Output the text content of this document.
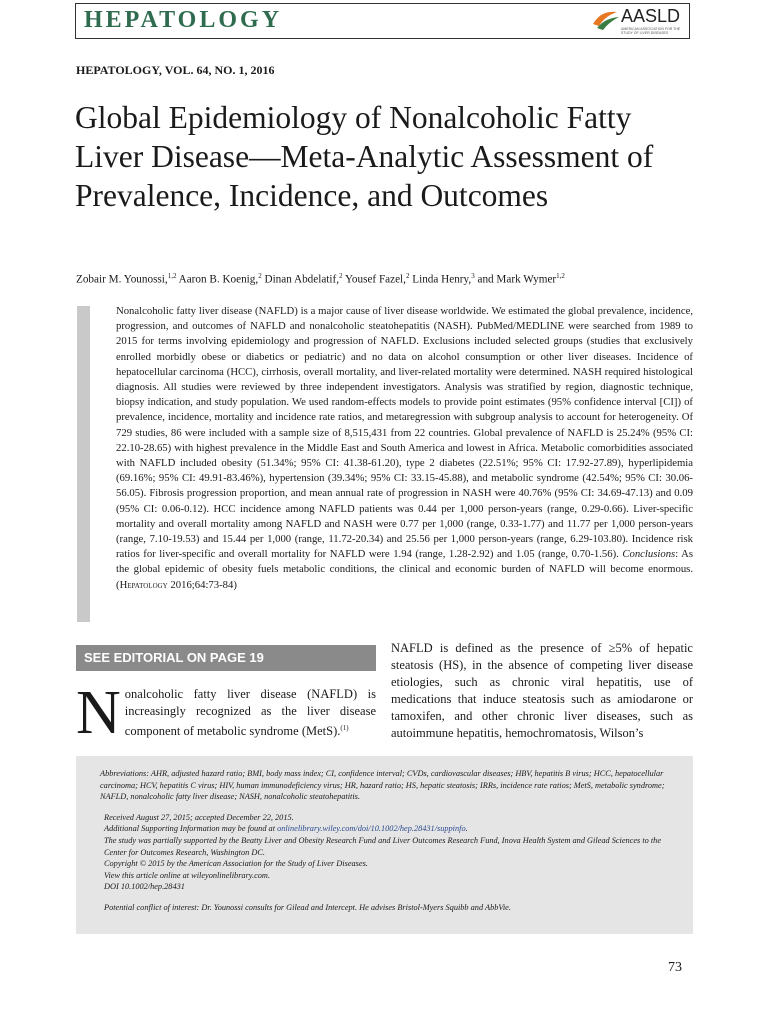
HEPATOLOGY	AASLD
AMERICAN ASSOCIATION FOR THE STUDY OF LIVER DISEASES
HEPATOLOGY, VOL. 64, NO. 1, 2016
Global Epidemiology of Nonalcoholic Fatty Liver Disease—Meta-Analytic Assessment of Prevalence, Incidence, and Outcomes
Zobair M. Younossi,$^{1,2}$ Aaron B. Koenig,$^2$ Dinan Abdelatif,$^2$ Yousef Fazel,$^2$ Linda Henry,$^3$ and Mark Wymer$^{1,2}$

Nonalcoholic fatty liver disease (NAFLD) is a major cause of liver disease worldwide. We estimated the global prevalence, incidence, progression, and outcomes of NAFLD and nonalcoholic steatohepatitis (NASH). PubMed/MEDLINE were searched from 1989 to 2015 for terms involving epidemiology and progression of NAFLD. Exclusions included selected groups (studies that exclusively enrolled morbidly obese or diabetics or pediatric) and no data on alcohol consumption or other liver diseases. Incidence of hepatocellular carcinoma (HCC), cirrhosis, overall mortality, and liver-related mortality were determined. NASH required histological diagnosis. All studies were reviewed by three independent investigators. Analysis was stratified by region, diagnostic technique, biopsy indication, and study population. We used random-effects models to provide point estimates (95% confidence interval [CI]) of prevalence, incidence, mortality and incidence rate ratios, and metaregression with subgroup analysis to account for heterogeneity. Of 729 studies, 86 were included with a sample size of 8,515,431 from 22 countries. Global prevalence of NAFLD is 25.24% (95% CI: 22.10-28.65) with highest prevalence in the Middle East and South America and lowest in Africa. Metabolic comorbidities associated with NAFLD included obesity (51.34%; 95% CI: 41.38-61.20), type 2 diabetes (22.51%; 95% CI: 17.92-27.89), hyperlipidemia (69.16%; 95% CI: 49.91-83.46%), hypertension (39.34%; 95% CI: 33.15-45.88), and metabolic syndrome (42.54%; 95% CI: 30.06-56.05). Fibrosis progression proportion, and mean annual rate of progression in NASH were 40.76% (95% CI: 34.69-47.13) and 0.09 (95% CI: 0.06-0.12). HCC incidence among NAFLD patients was 0.44 per 1,000 person-years (range, 0.29-0.66). Liver-specific mortality and overall mortality among NAFLD and NASH were 0.77 per 1,000 (range, 0.33-1.77) and 11.77 per 1,000 person-years (range, 7.10-19.53) and 15.44 per 1,000 (range, 11.72-20.34) and 25.56 per 1,000 person-years (range, 6.29-103.80). Incidence risk ratios for liver-specific and overall mortality for NAFLD were 1.94 (range, 1.28-2.92) and 1.05 (range, 0.70-1.56). Conclusions: As the global epidemic of obesity fuels metabolic conditions, the clinical and economic burden of NAFLD will become enormous. (Hepatology 2016;64:73-84)

SEE EDITORIAL ON PAGE 19
Nonalcoholic fatty liver disease (NAFLD) is increasingly recognized as the liver disease component of metabolic syndrome (MetS).$^{(1)}$

NAFLD is defined as the presence of ≥5% of hepatic steatosis (HS), in the absence of competing liver disease etiologies, such as chronic viral hepatitis, use of medications that induce steatosis such as amiodarone or tamoxifen, and other chronic liver diseases, such as autoimmune hepatitis, hemochromatosis, Wilson’s

Abbreviations: AHR, adjusted hazard ratio; BMI, body mass index; CI, confidence interval; CVDs, cardiovascular diseases; HBV, hepatitis B virus; HCC, hepatocellular carcinoma; HCV, hepatitis C virus; HIV, human immunodeficiency virus; HR, hazard ratio; HS, hepatic steatosis; IRRs, incidence rate ratios; MetS, metabolic syndrome; NAFLD, nonalcoholic fatty liver disease; NASH, nonalcoholic steatohepatitis.

Received August 27, 2015; accepted December 22, 2015.

Additional Supporting Information may be found at onlinelibrary.wiley.com/doi/10.1002/hep.28431/suppinfo.

The study was partially supported by the Beatty Liver and Obesity Research Fund and Liver Outcomes Research Fund, Inova Health System and Gilead Sciences to the Center for Outcomes Research, Washington DC.

Copyright © 2015 by the American Association for the Study of Liver Diseases.

View this article online at wileyonlinelibrary.com.

DOI 10.1002/hep.28431

Potential conflict of interest: Dr. Younossi consults for Gilead and Intercept. He advises Bristol-Myers Squibb and AbbVie.

73
